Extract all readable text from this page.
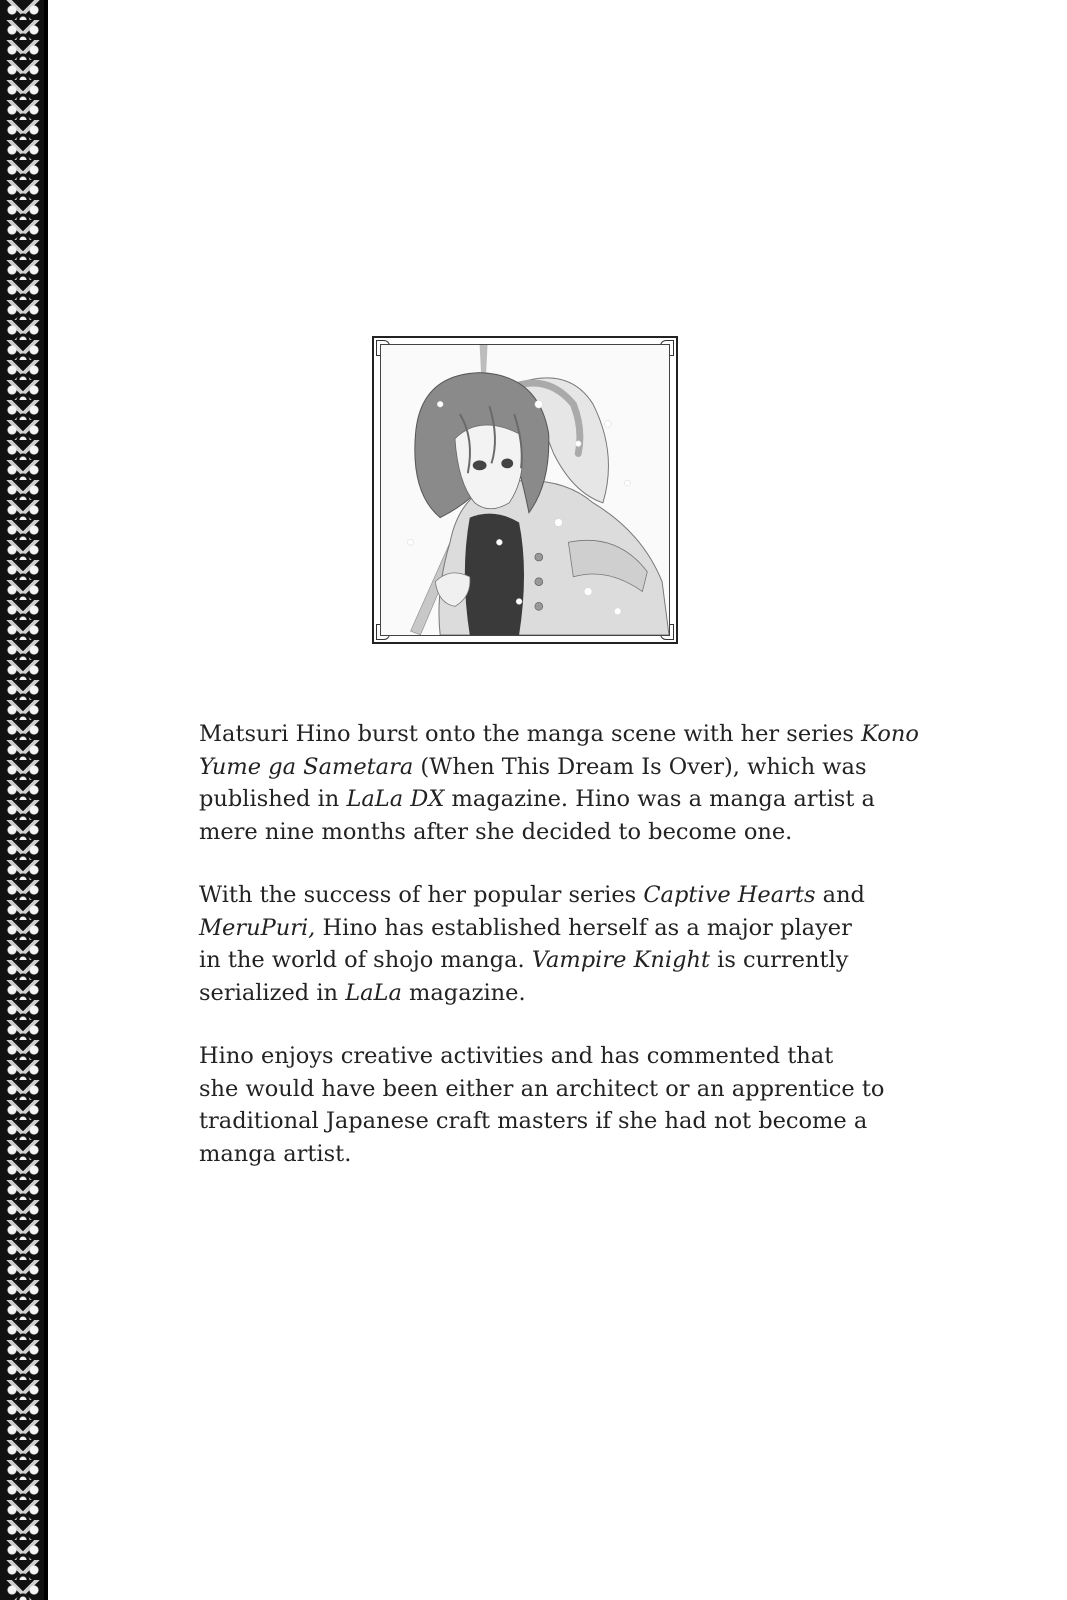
Matsuri Hino burst onto the manga scene with her series Kono
Yume ga Sametara (When This Dream Is Over), which was
published in LaLa DX magazine. Hino was a manga artist a
mere nine months after she decided to become one.

With the success of her popular series Captive Hearts and
MeruPuri, Hino has established herself as a major player
in the world of shojo manga. Vampire Knight is currently
serialized in LaLa magazine.

Hino enjoys creative activities and has commented that
she would have been either an architect or an apprentice to
traditional Japanese craft masters if she had not become a
manga artist.
